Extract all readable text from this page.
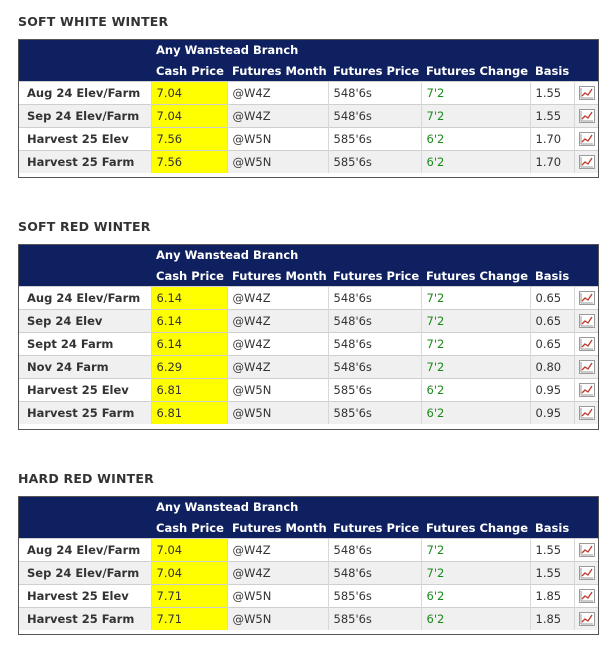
SOFT WHITE WINTER
	Any Wanstead Branch					
	Cash Price	Futures Month	Futures Price	Futures Change	Basis	
Aug 24 Elev/Farm	7.04	@W4Z	548'6s	7'2	1.55	
Sep 24 Elev/Farm	7.04	@W4Z	548'6s	7'2	1.55	
Harvest 25 Elev	7.56	@W5N	585'6s	6'2	1.70	
Harvest 25 Farm	7.56	@W5N	585'6s	6'2	1.70	
SOFT RED WINTER
	Any Wanstead Branch					
	Cash Price	Futures Month	Futures Price	Futures Change	Basis	
Aug 24 Elev/Farm	6.14	@W4Z	548'6s	7'2	0.65	
Sep 24 Elev	6.14	@W4Z	548'6s	7'2	0.65	
Sept 24 Farm	6.14	@W4Z	548'6s	7'2	0.65	
Nov 24 Farm	6.29	@W4Z	548'6s	7'2	0.80	
Harvest 25 Elev	6.81	@W5N	585'6s	6'2	0.95	
Harvest 25 Farm	6.81	@W5N	585'6s	6'2	0.95	
HARD RED WINTER
	Any Wanstead Branch					
	Cash Price	Futures Month	Futures Price	Futures Change	Basis	
Aug 24 Elev/Farm	7.04	@W4Z	548'6s	7'2	1.55	
Sep 24 Elev/Farm	7.04	@W4Z	548'6s	7'2	1.55	
Harvest 25 Elev	7.71	@W5N	585'6s	6'2	1.85	
Harvest 25 Farm	7.71	@W5N	585'6s	6'2	1.85	
